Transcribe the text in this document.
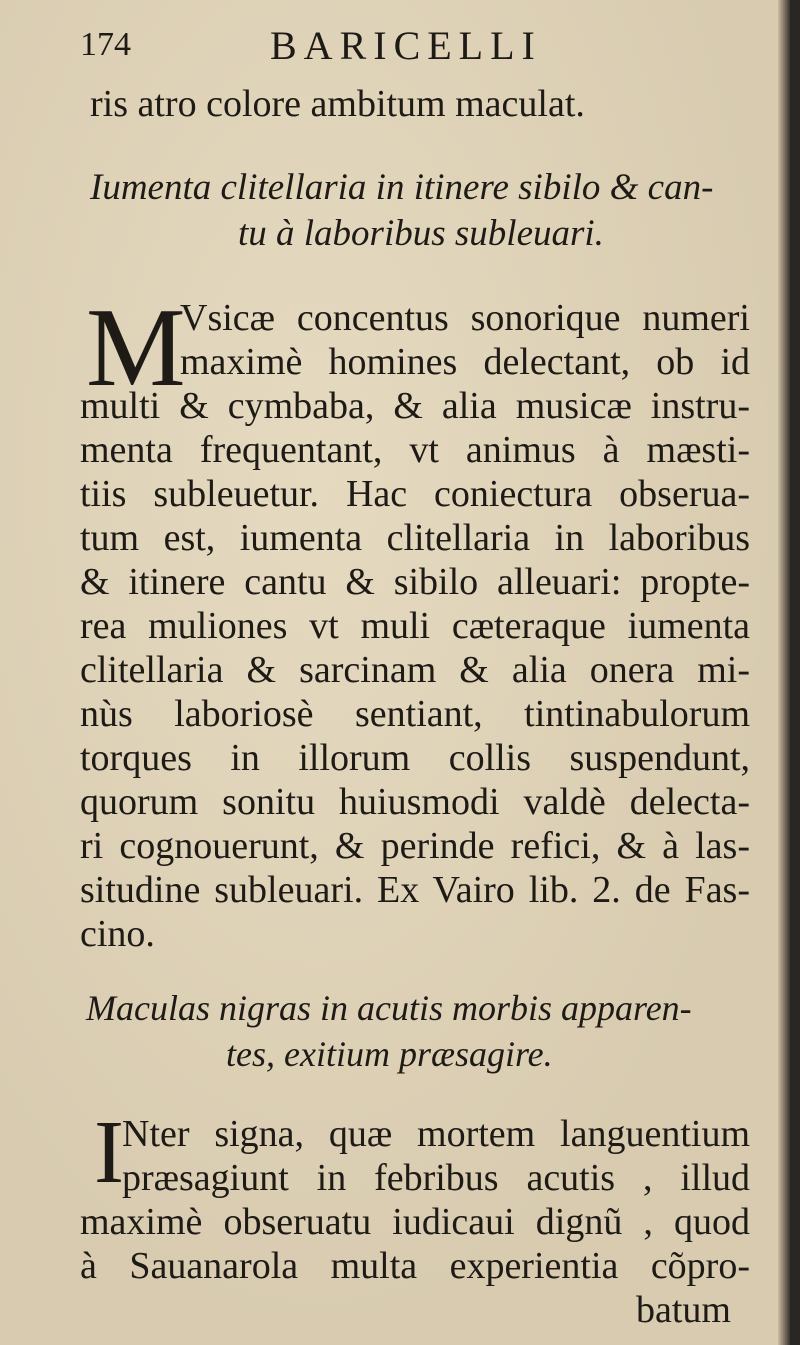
174	BARICELLI
ris atro colore ambitum maculat.
Iumenta clitellaria in itinere sibilo & can-
tu à laboribus subleuari.
M
Vsicæ concentus sonorique numeri
maximè homines delectant, ob id
multi & cymbaba, & alia musicæ instru-
menta frequentant, vt animus à mæsti-
tiis subleuetur. Hac coniectura obserua-
tum est, iumenta clitellaria in laboribus
& itinere cantu & sibilo alleuari: propte-
rea muliones vt muli cæteraque iumenta
clitellaria & sarcinam & alia onera mi-
nùs laboriosè sentiant, tintinabulorum
torques in illorum collis suspendunt,
quorum sonitu huiusmodi valdè delecta-
ri cognouerunt, & perinde refici, & à las-
situdine subleuari. Ex Vairo lib. 2. de Fas-
cino.
Maculas nigras in acutis morbis apparen-
tes, exitium præsagire.
I
Nter signa, quæ mortem languentium
præsagiunt in febribus acutis , illud
maximè obseruatu iudicaui dignũ , quod
à Sauanarola multa experientia cõpro-
batum
